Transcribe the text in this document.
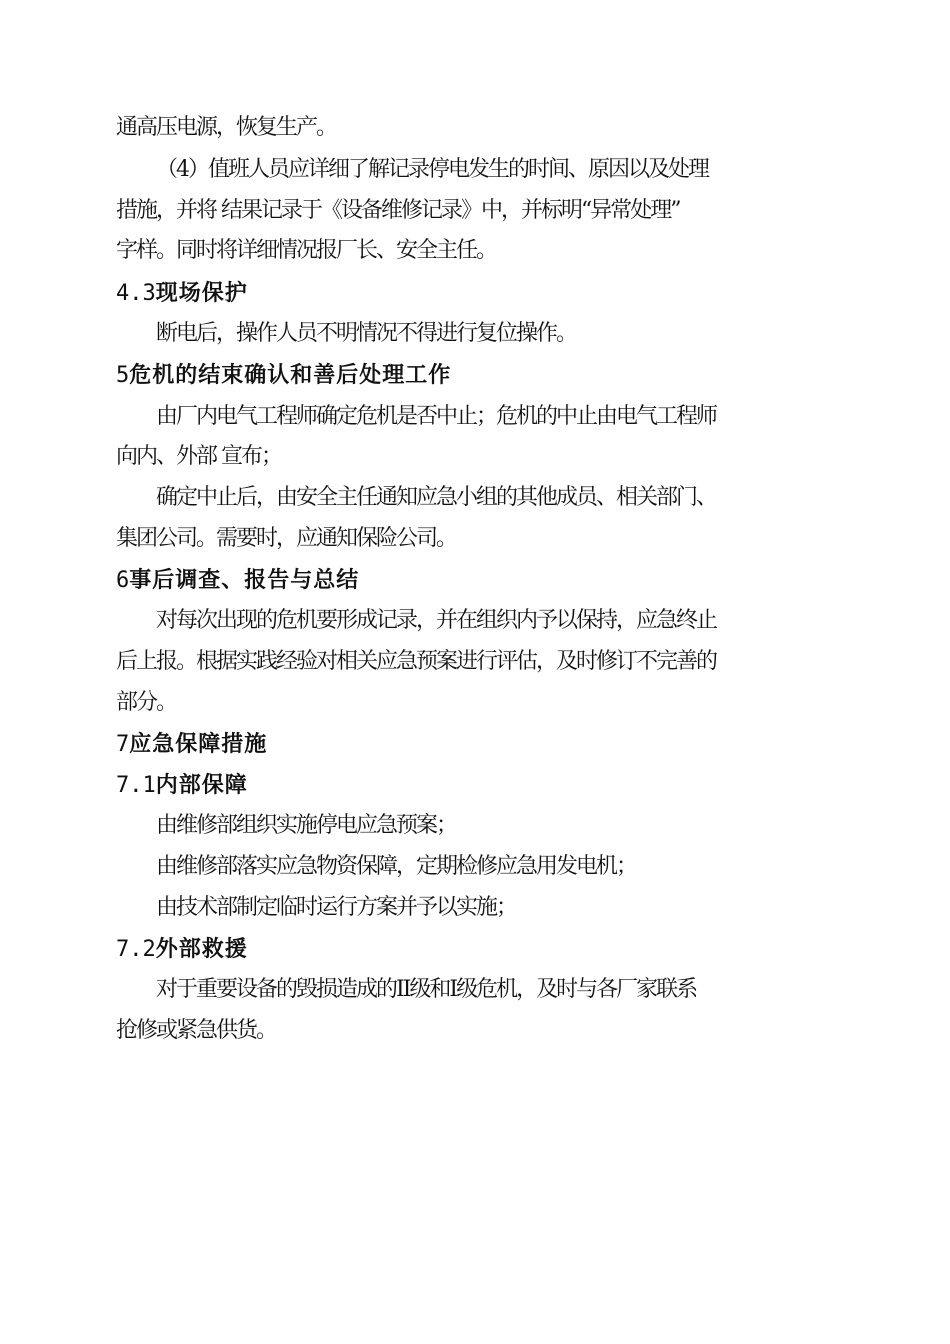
通高压电源，恢复生产。
（4）值班人员应详细了解记录停电发生的时间、原因以及处理
措施，并将 结果记录于《设备维修记录》中，并标明“异常处理”
字样。同时将详细情况报厂长、安全主任。
4.3现场保护
断电后，操作人员不明情况不得进行复位操作。
5危机的结束确认和善后处理工作
由厂内电气工程师确定危机是否中止；危机的中止由电气工程师
向内、外部 宣布；
确定中止后，由安全主任通知应急小组的其他成员、相关部门、
集团公司。需要时，应通知保险公司。
6事后调查、报告与总结
对每次出现的危机要形成记录，并在组织内予以保持，应急终止
后上报。根据实践经验对相关应急预案进行评估，及时修订不完善的
部分。
7应急保障措施
7.1内部保障
由维修部组织实施停电应急预案；
由维修部落实应急物资保障，定期检修应急用发电机；
由技术部制定临时运行方案并予以实施；
7.2外部救援
对于重要设备的毁损造成的II级和I级危机，及时与各厂家联系
抢修或紧急供货。
